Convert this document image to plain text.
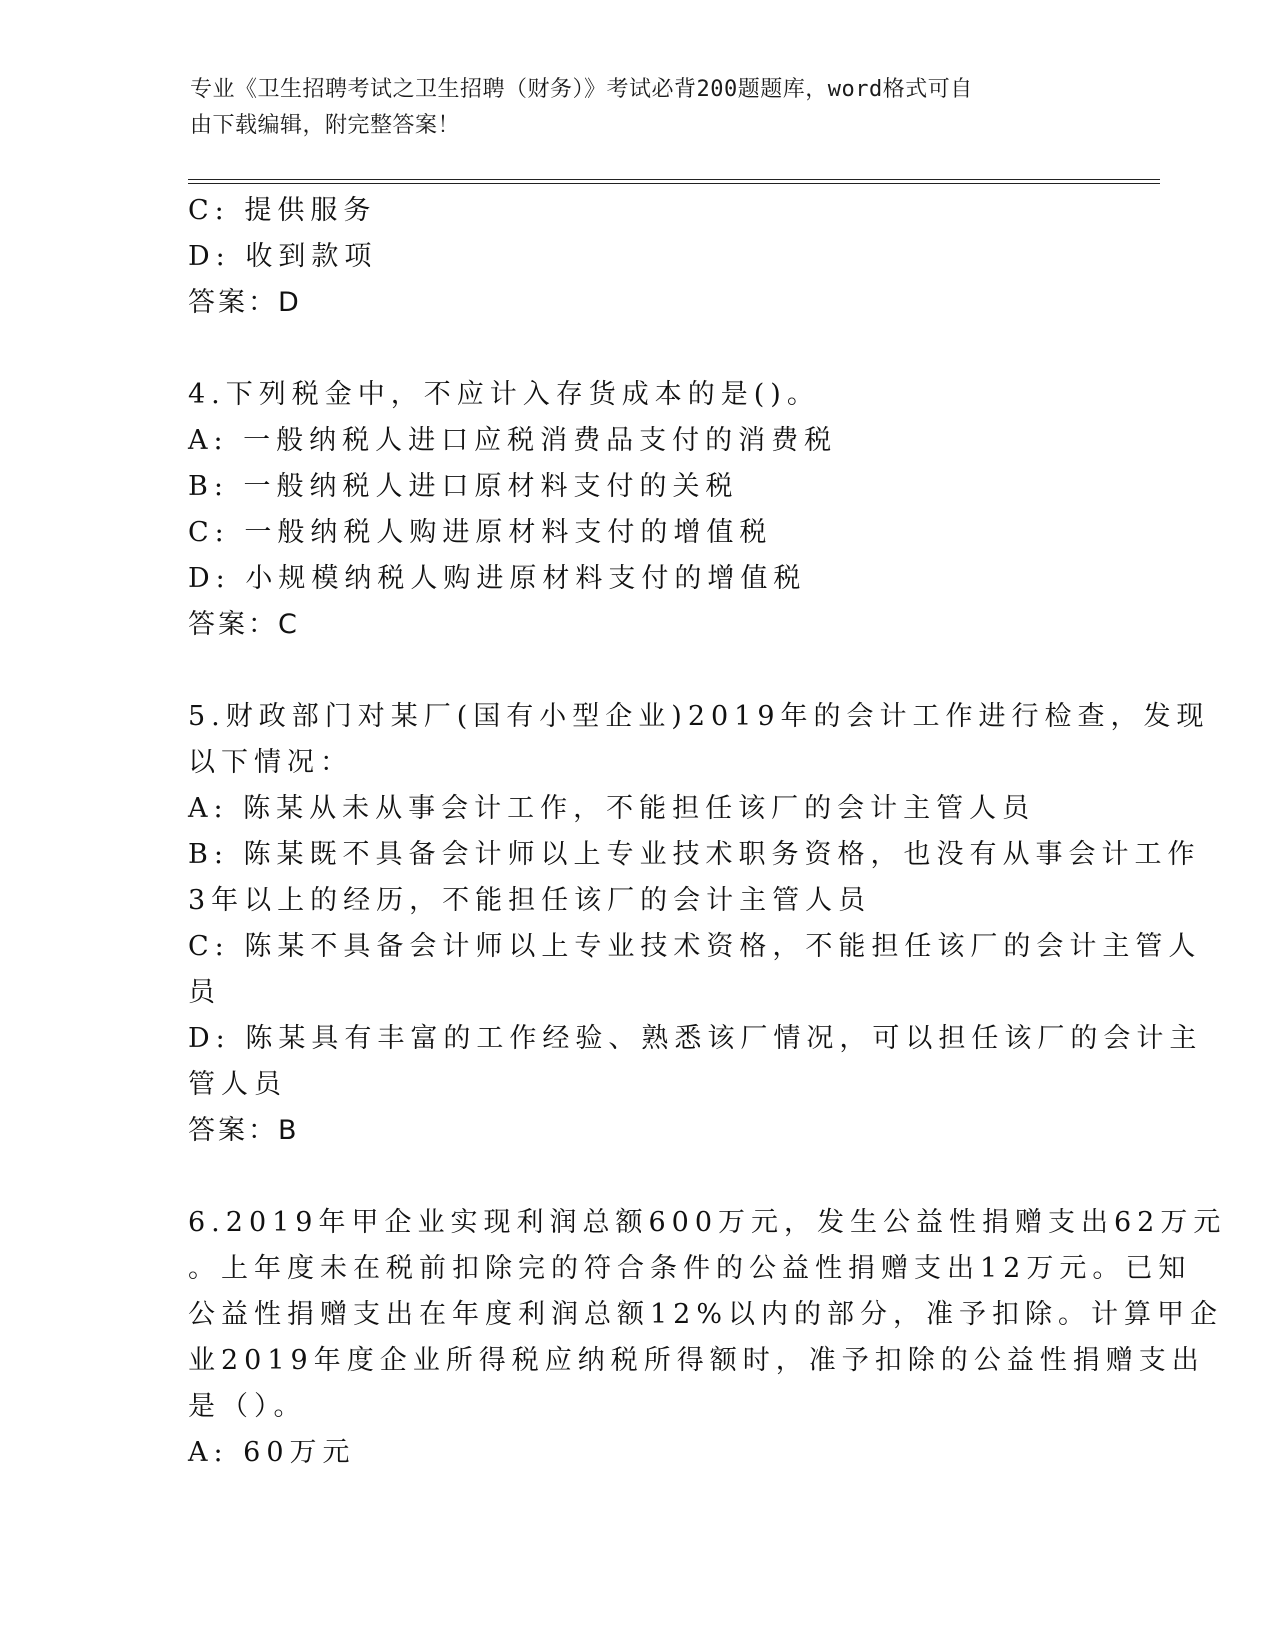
专业《卫生招聘考试之卫生招聘（财务）》考试必背200题题库，word格式可自
由下载编辑，附完整答案！
C: 提供服务
D: 收到款项
答案：D
4.下列税金中，不应计入存货成本的是()。
A: 一般纳税人进口应税消费品支付的消费税
B: 一般纳税人进口原材料支付的关税
C: 一般纳税人购进原材料支付的增值税
D: 小规模纳税人购进原材料支付的增值税
答案：C
5.财政部门对某厂(国有小型企业)2019年的会计工作进行检查，发现
以下情况：
A: 陈某从未从事会计工作，不能担任该厂的会计主管人员
B: 陈某既不具备会计师以上专业技术职务资格，也没有从事会计工作
3年以上的经历，不能担任该厂的会计主管人员
C: 陈某不具备会计师以上专业技术资格，不能担任该厂的会计主管人
员
D: 陈某具有丰富的工作经验、熟悉该厂情况，可以担任该厂的会计主
管人员
答案：B
6.2019年甲企业实现利润总额600万元，发生公益性捐赠支出62万元
。上年度未在税前扣除完的符合条件的公益性捐赠支出12万元。已知
公益性捐赠支出在年度利润总额12%以内的部分，准予扣除。计算甲企
业2019年度企业所得税应纳税所得额时，准予扣除的公益性捐赠支出
是（）。
A: 60万元
